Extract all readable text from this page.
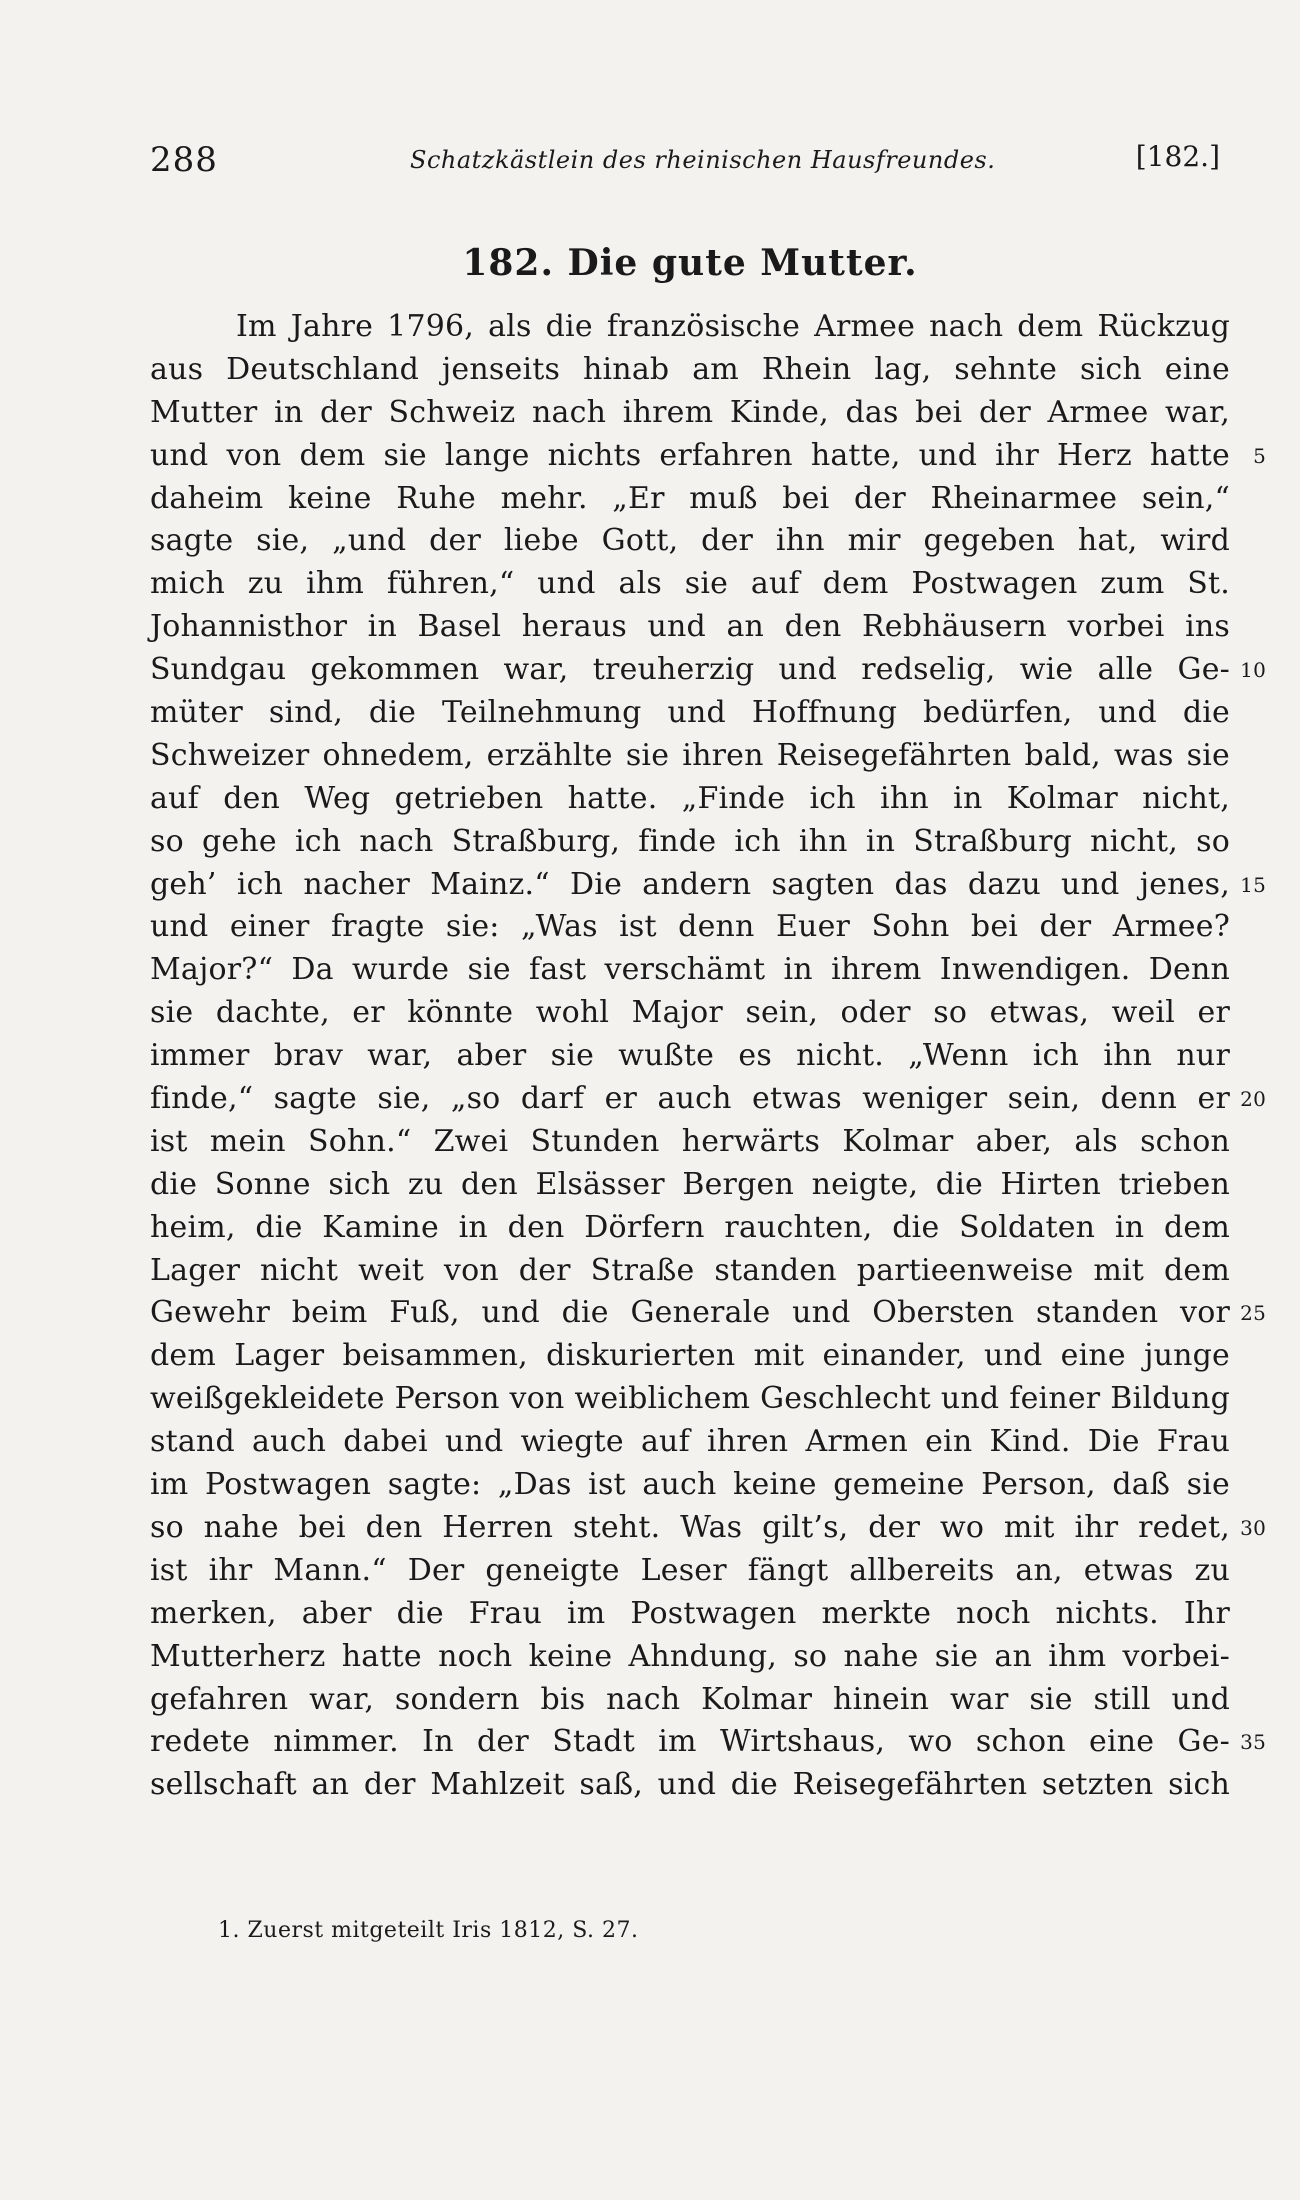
288	Schatzkästlein des rheinischen Hausfreundes.	[182.]
182. Die gute Mutter.
Im Jahre 1796, als die französische Armee nach dem Rückzug
aus Deutschland jenseits hinab am Rhein lag, sehnte sich eine
Mutter in der Schweiz nach ihrem Kinde, das bei der Armee war,
und von dem sie lange nichts erfahren hatte, und ihr Herz hatte	5
daheim keine Ruhe mehr. „Er muß bei der Rheinarmee sein,“
sagte sie, „und der liebe Gott, der ihn mir gegeben hat, wird
mich zu ihm führen,“ und als sie auf dem Postwagen zum St.
Johannisthor in Basel heraus und an den Rebhäusern vorbei ins
Sundgau gekommen war, treuherzig und redselig, wie alle Ge- 10
müter sind, die Teilnehmung und Hoffnung bedürfen, und die
Schweizer ohnedem, erzählte sie ihren Reisegefährten bald, was sie
auf den Weg getrieben hatte. „Finde ich ihn in Kolmar nicht,
so gehe ich nach Straßburg, finde ich ihn in Straßburg nicht, so
geh’ ich nacher Mainz.“ Die andern sagten das dazu und jenes, 15
und einer fragte sie: „Was ist denn Euer Sohn bei der Armee?
Major?“ Da wurde sie fast verschämt in ihrem Inwendigen. Denn
sie dachte, er könnte wohl Major sein, oder so etwas, weil er
immer brav war, aber sie wußte es nicht. „Wenn ich ihn nur
finde,“ sagte sie, „so darf er auch etwas weniger sein, denn er 20
ist mein Sohn.“ Zwei Stunden herwärts Kolmar aber, als schon
die Sonne sich zu den Elsässer Bergen neigte, die Hirten trieben
heim, die Kamine in den Dörfern rauchten, die Soldaten in dem
Lager nicht weit von der Straße standen partieenweise mit dem
Gewehr beim Fuß, und die Generale und Obersten standen vor 25
dem Lager beisammen, diskurierten mit einander, und eine junge
weißgekleidete Person von weiblichem Geschlecht und feiner Bildung
stand auch dabei und wiegte auf ihren Armen ein Kind. Die Frau
im Postwagen sagte: „Das ist auch keine gemeine Person, daß sie
so nahe bei den Herren steht. Was gilt’s, der wo mit ihr redet, 30
ist ihr Mann.“ Der geneigte Leser fängt allbereits an, etwas zu
merken, aber die Frau im Postwagen merkte noch nichts. Ihr
Mutterherz hatte noch keine Ahndung, so nahe sie an ihm vorbei-
gefahren war, sondern bis nach Kolmar hinein war sie still und
redete nimmer. In der Stadt im Wirtshaus, wo schon eine Ge- 35
sellschaft an der Mahlzeit saß, und die Reisegefährten setzten sich
1. Zuerst mitgeteilt Iris 1812, S. 27.
